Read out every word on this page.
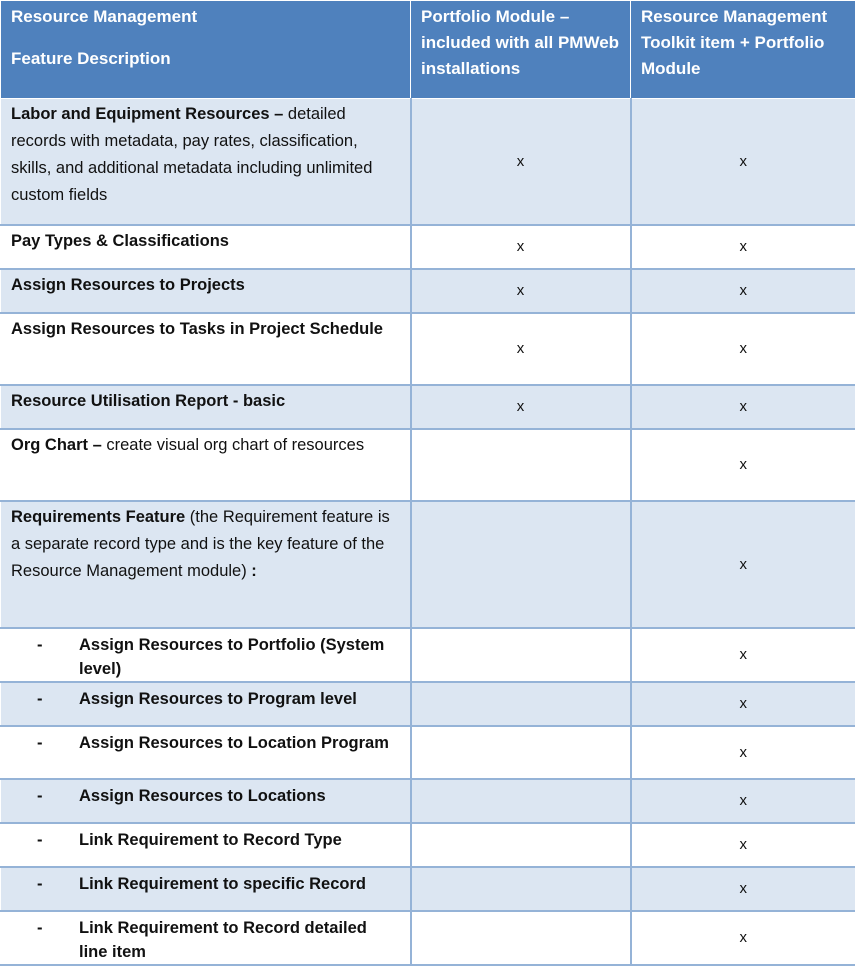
Resource Management
Feature Description	Portfolio Module – included with all PMWeb installations	Resource Management Toolkit item + Portfolio Module
Labor and Equipment Resources – detailed records with metadata, pay rates, classification, skills, and additional metadata including unlimited custom fields	x	x
Pay Types & Classifications	x	x
Assign Resources to Projects	x	x
Assign Resources to Tasks in Project Schedule	x	x
Resource Utilisation Report - basic	x	x
Org Chart – create visual org chart of resources		x
Requirements Feature (the Requirement feature is a separate record type and is the key feature of the Resource Management module) :		x

- Assign Resources to Portfolio (System level)		x

- Assign Resources to Program level		x

- Assign Resources to Location Program		x

- Assign Resources to Locations		x

- Link Requirement to Record Type		x

- Link Requirement to specific Record		x

- Link Requirement to Record detailed line item		x
